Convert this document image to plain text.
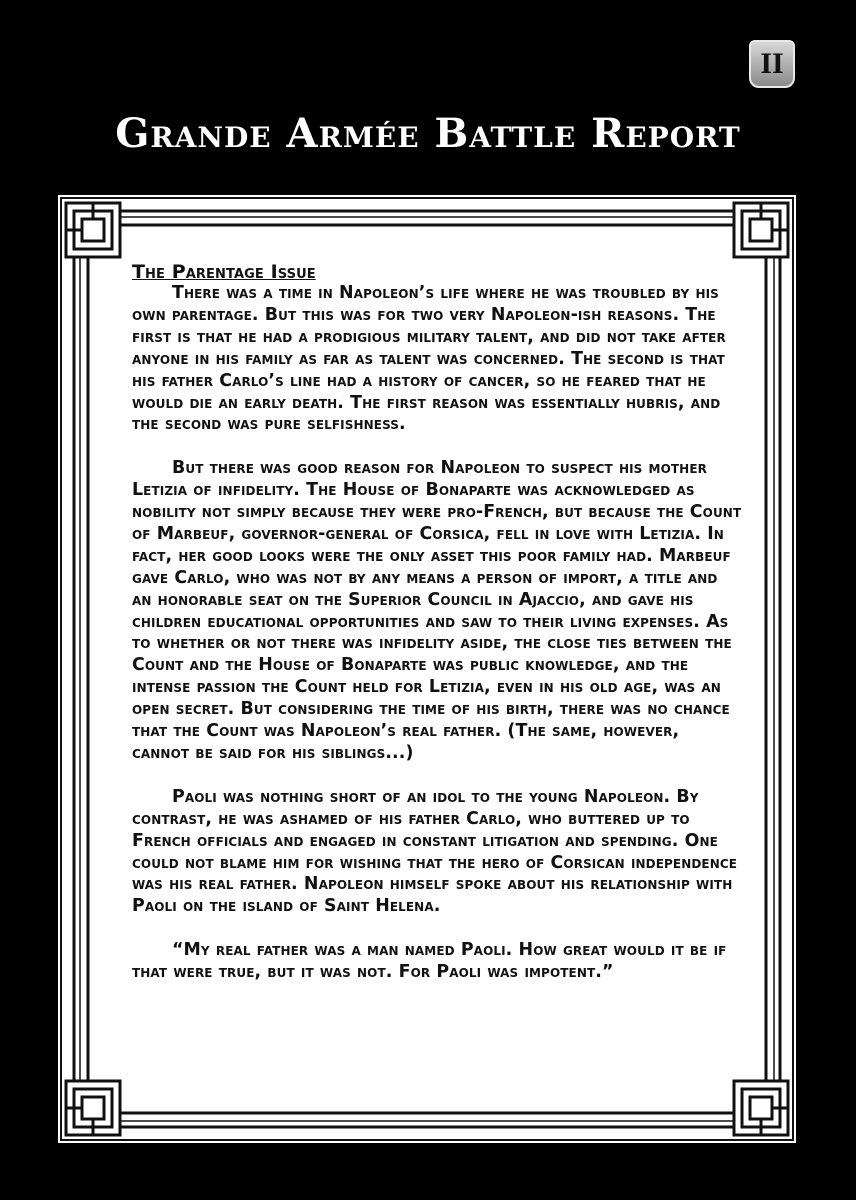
II
Grande Armée Battle Report
The Parentage Issue

There was a time in Napoleon’s life where he was troubled by his own parentage. But this was for two very Napoleon-ish reasons. The first is that he had a prodigious military talent, and did not take after anyone in his family as far as talent was concerned. The second is that his father Carlo’s line had a history of cancer, so he feared that he would die an early death. The first reason was essentially hubris, and the second was pure selfishness.

But there was good reason for Napoleon to suspect his mother Letizia of infidelity. The House of Bonaparte was acknowledged as nobility not simply because they were pro-French, but because the Count of Marbeuf, governor-general of Corsica, fell in love with Letizia. In fact, her good looks were the only asset this poor family had. Marbeuf gave Carlo, who was not by any means a person of import, a title and an honorable seat on the Superior Council in Ajaccio, and gave his children educational opportunities and saw to their living expenses. As to whether or not there was infidelity aside, the close ties between the Count and the House of Bonaparte was public knowledge, and the intense passion the Count held for Letizia, even in his old age, was an open secret. But considering the time of his birth, there was no chance that the Count was Napoleon’s real father. (The same, however, cannot be said for his siblings...)

Paoli was nothing short of an idol to the young Napoleon. By contrast, he was ashamed of his father Carlo, who buttered up to French officials and engaged in constant litigation and spending. One could not blame him for wishing that the hero of Corsican independence was his real father. Napoleon himself spoke about his relationship with Paoli on the island of Saint Helena.

“My real father was a man named Paoli. How great would it be if that were true, but it was not. For Paoli was impotent.”
